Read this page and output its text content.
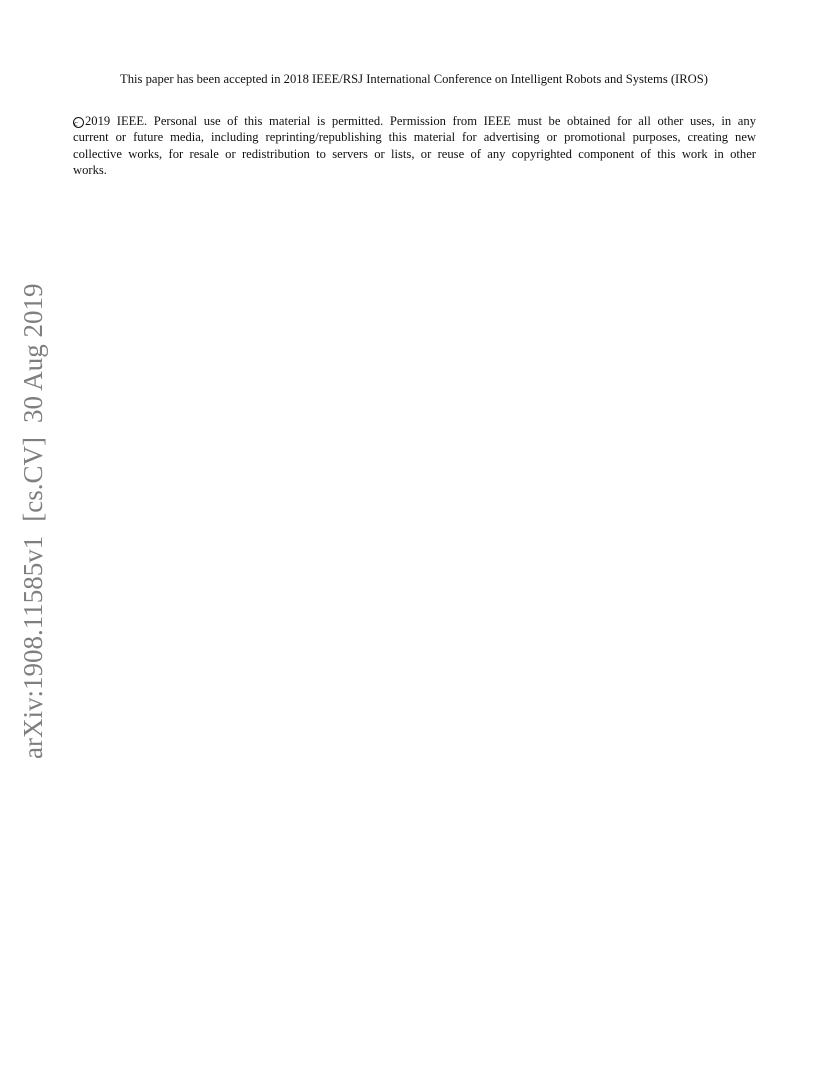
This paper has been accepted in 2018 IEEE/RSJ International Conference on Intelligent Robots and Systems (IROS)
c 2019 IEEE. Personal use of this material is permitted. Permission from IEEE must be obtained for all other uses, in any
current or future media, including reprinting/republishing this material for advertising or promotional purposes, creating new
collective works, for resale or redistribution to servers or lists, or reuse of any copyrighted component of this work in other
works.
arXiv:1908.11585v1[cs.CV]30 Aug 2019
